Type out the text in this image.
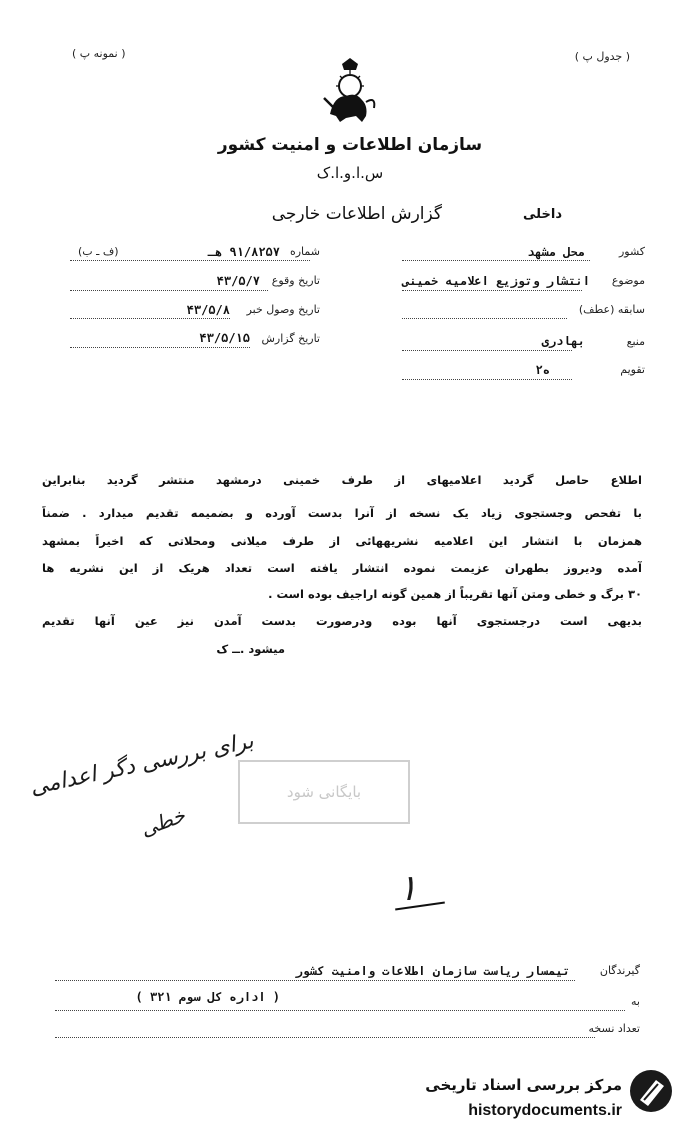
( جدول پ )
( نمونه پ )
سازمان اطلاعات و امنیت کشور
س.ا.و.ا.ک
گزارش اطلاعات خارجی	داخلی
کشور
محل مشهد
موضوع
انتشار وتوزیع اعلامیه خمینی
سابقه (عطف)
منبع
بهادری
تقویم
ه۲
شماره
۹۱/۸۲۵۷ هـ
(ف ـ ب)
تاریخ وقوع
۴۳/۵/۷
تاریخ وصول خبر
۴۳/۵/۸
تاریخ گزارش
۴۳/۵/۱۵
اطلاع حاصل گردید اعلامیهای از طرف خمینی درمشهد منتشر گردید بنابراین
با تفحص وجستجوی زیاد یک نسخه از آنرا بدست آورده و بضمیمه تقدیم میدارد . ضمناً
همزمان با انتشار این اعلامیه نشریههائی از طرف میلانی ومحلاتی که اخیراً بمشهد
آمده ودیروز بطهران عزیمت نموده انتشار یافته است تعداد هریک از این نشریه ها
۳۰ برگ و خطی ومتن آنها تقریباً از همین گونه اراجیف بوده است .
بدیهی است درجستجوی آنها بوده ودرصورت بدست آمدن نیز عین آنها تقدیم
میشود .ــ ک
برای بررسی دگر اعدامی
خطی
بایگانی شود
۱
گیرندگان
تیمسار ریاست سازمان اطلاعات وامنیت کشور
( اداره کل سوم ۳۲۱ )	به
تعداد نسخه
مرکز بررسی اسناد تاریخی
historydocuments.ir
